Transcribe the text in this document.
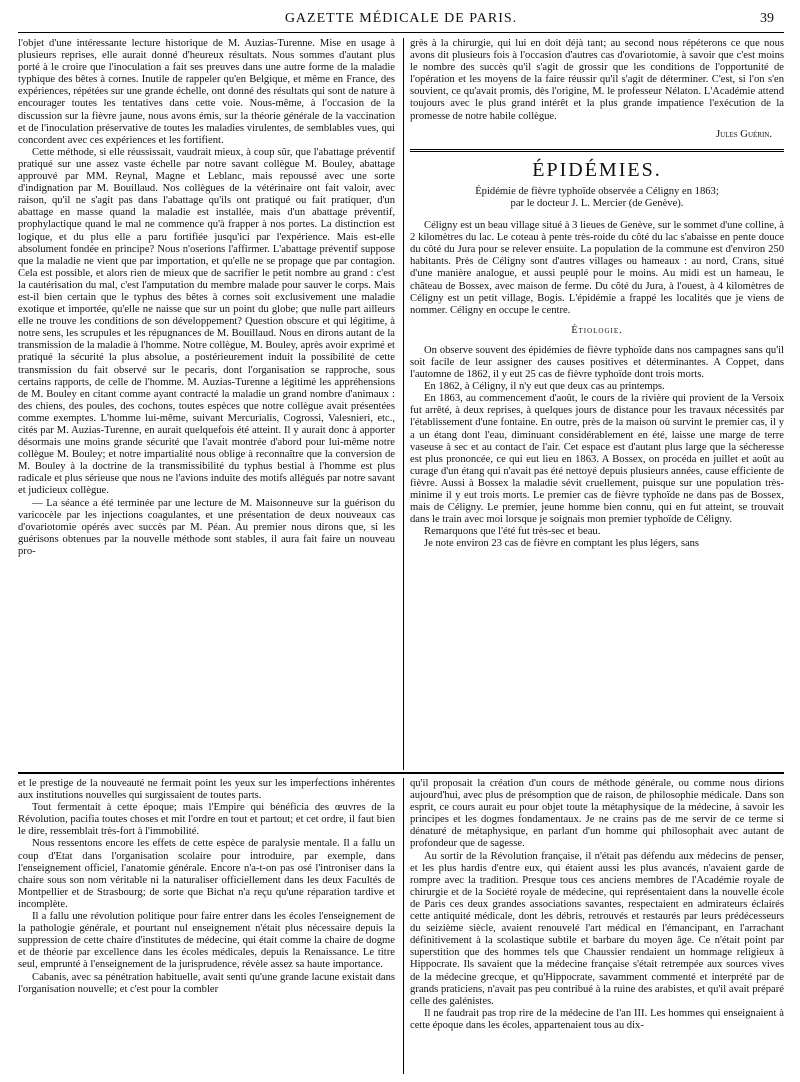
GAZETTE MÉDICALE DE PARIS.	39

l'objet d'une intéressante lecture historique de M. Auzias-Turenne. Mise en usage à plusieurs reprises, elle aurait donné d'heureux résultats. Nous sommes d'autant plus porté à le croire que l'inoculation a fait ses preuves dans une autre forme de la maladie typhique des bêtes à cornes. Inutile de rappeler qu'en Belgique, et même en France, des expériences, répétées sur une grande échelle, ont donné des résultats qui sont de nature à encourager toutes les tentatives dans cette voie. Nous-même, à l'occasion de la discussion sur la fièvre jaune, nous avons émis, sur la théorie générale de la vaccination et de l'inoculation préservative de toutes les maladies virulentes, de semblables vues, qui concordent avec ces expériences et les fortifient.

Cette méthode, si elle réussissait, vaudrait mieux, à coup sûr, que l'abattage préventif pratiqué sur une assez vaste échelle par notre savant collègue M. Bouley, abattage approuvé par MM. Reynal, Magne et Leblanc, mais repoussé avec une sorte d'indignation par M. Bouillaud. Nos collègues de la vétérinaire ont fait valoir, avec raison, qu'il ne s'agit pas dans l'abattage qu'ils ont pratiqué ou fait pratiquer, d'un abattage en masse quand la maladie est installée, mais d'un abattage préventif, prophylactique quand le mal ne commence qu'à frapper à nos portes. La distinction est logique, et du plus elle a paru fortifiée jusqu'ici par l'expérience. Mais est-elle absolument fondée en principe? Nous n'oserions l'affirmer. L'abattage préventif suppose que la maladie ne vient que par importation, et qu'elle ne se propage que par contagion. Cela est possible, et alors rien de mieux que de sacrifier le petit nombre au grand : c'est la cautérisation du mal, c'est l'amputation du membre malade pour sauver le corps. Mais est-il bien certain que le typhus des bêtes à cornes soit exclusivement une maladie exotique et importée, qu'elle ne naisse que sur un point du globe; que nulle part ailleurs elle ne trouve les conditions de son développement? Question obscure et qui légitime, à notre sens, les scrupules et les répugnances de M. Bouillaud. Nous en dirons autant de la transmission de la maladie à l'homme. Notre collègue, M. Bouley, après avoir exprimé et pratiqué la sécurité la plus absolue, a postérieurement induit la possibilité de cette transmission du fait observé sur le pecaris, dont l'organisation se rapproche, sous certains rapports, de celle de l'homme. M. Auzias-Turenne a légitimé les appréhensions de M. Bouley en citant comme ayant contracté la maladie un grand nombre d'animaux : des chiens, des poules, des cochons, toutes espèces que notre collègue avait présentées comme exemptes. L'homme lui-même, suivant Mercurialis, Cogrossi, Valesnieri, etc., cités par M. Auzias-Turenne, en aurait quelquefois été atteint. Il y aurait donc à apporter désormais une moins grande sécurité que l'avait montrée d'abord pour lui-même notre collègue M. Bouley; et notre impartialité nous oblige à reconnaître que la conversion de M. Bouley à la doctrine de la transmissibilité du typhus bestial à l'homme est plus radicale et plus sérieuse que nous ne l'avions induite des motifs allégués par notre savant et judicieux collègue.

— La séance a été terminée par une lecture de M. Maisonneuve sur la guérison du varicocèle par les injections coagulantes, et une présentation de deux nouveaux cas d'ovariotomie opérés avec succès par M. Péan. Au premier nous dirons que, si les guérisons obtenues par la nouvelle méthode sont stables, il aura fait faire un nouveau pro-

grès à la chirurgie, qui lui en doit déjà tant; au second nous répéterons ce que nous avons dit plusieurs fois à l'occasion d'autres cas d'ovariotomie, à savoir que c'est moins le nombre des succès qu'il s'agit de grossir que les conditions de l'opportunité de l'opération et les moyens de la faire réussir qu'il s'agit de déterminer. C'est, si l'on s'en souvient, ce qu'avait promis, dès l'origine, M. le professeur Nélaton. L'Académie attend toujours avec le plus grand intérêt et la plus grande impatience l'exécution de la promesse de notre habile collègue.

Jules Guérin.

ÉPIDÉMIES.

Épidémie de fièvre typhoïde observée a Céligny en 1863;
par le docteur J. L. Mercier (de Genève).

Céligny est un beau village situé à 3 lieues de Genève, sur le sommet d'une colline, à 2 kilomètres du lac. Le coteau à pente très-roide du côté du lac s'abaisse en pente douce du côté du Jura pour se relever ensuite. La population de la commune est d'environ 250 habitants. Près de Céligny sont d'autres villages ou hameaux : au nord, Crans, situé d'une manière analogue, et aussi peuplé pour le moins. Au midi est un hameau, le château de Bossex, avec maison de ferme. Du côté du Jura, à l'ouest, à 4 kilomètres de Céligny est un petit village, Bogis. L'épidémie a frappé les localités que je viens de nommer. Céligny en occupe le centre.

Étiologie.

On observe souvent des épidémies de fièvre typhoïde dans nos campagnes sans qu'il soit facile de leur assigner des causes positives et déterminantes. A Coppet, dans l'automne de 1862, il y eut 25 cas de fièvre typhoïde dont trois morts.

En 1862, à Céligny, il n'y eut que deux cas au printemps.

En 1863, au commencement d'août, le cours de la rivière qui provient de la Versoix fut arrêté, à deux reprises, à quelques jours de distance pour les travaux nécessités par l'établissement d'une fontaine. En outre, près de la maison où survint le premier cas, il y a un étang dont l'eau, diminuant considérablement en été, laisse une marge de terre vaseuse à sec et au contact de l'air. Cet espace est d'autant plus large que la sécheresse est plus prononcée, ce qui eut lieu en 1863. A Bossex, on procéda en juillet et août au curage d'un étang qui n'avait pas été nettoyé depuis plusieurs années, cause efficiente de fièvre. Aussi à Bossex la maladie sévit cruellement, puisque sur une population très-minime il y eut trois morts. Le premier cas de fièvre typhoïde ne dans pas de Bossex, mais de Céligny. Le premier, jeune homme bien connu, qui en fut atteint, se trouvait dans le train avec moi lorsque je soignais mon premier typhoïde de Céligny.

Remarquons que l'été fut très-sec et beau.

Je note environ 23 cas de fièvre en comptant les plus légers, sans

et le prestige de la nouveauté ne fermait point les yeux sur les imperfections inhérentes aux institutions nouvelles qui surgissaient de toutes parts.

Tout fermentait à cette époque; mais l'Empire qui bénéficia des œuvres de la Révolution, pacifia toutes choses et mit l'ordre en tout et partout; et cet ordre, il faut bien le dire, ressemblait très-fort à l'immobilité.

Nous ressentons encore les effets de cette espèce de paralysie mentale. Il a fallu un coup d'Etat dans l'organisation scolaire pour introduire, par exemple, dans l'enseignement officiel, l'anatomie générale. Encore n'a-t-on pas osé l'introniser dans la chaire sous son nom véritable ni la naturaliser officiellement dans les deux Facultés de Montpellier et de Strasbourg; de sorte que Bichat n'a reçu qu'une réparation tardive et incomplète.

Il a fallu une révolution politique pour faire entrer dans les écoles l'enseignement de la pathologie générale, et pourtant nul enseignement n'était plus nécessaire depuis la suppression de cette chaire d'institutes de médecine, qui était comme la chaire de dogme et de théorie par excellence dans les écoles médicales, depuis la Renaissance. Le titre seul, emprunté à l'enseignement de la jurisprudence, révèle assez sa haute importance.

Cabanis, avec sa pénétration habituelle, avait senti qu'une grande lacune existait dans l'organisation nouvelle; et c'est pour la combler

qu'il proposait la création d'un cours de méthode générale, ou comme nous dirions aujourd'hui, avec plus de présomption que de raison, de philosophie médicale. Dans son esprit, ce cours aurait eu pour objet toute la métaphysique de la médecine, à savoir les principes et les dogmes fondamentaux. Je ne crains pas de me servir de ce terme si dénaturé de métaphysique, en parlant d'un homme qui philosophait avec autant de profondeur que de sagesse.

Au sortir de la Révolution française, il n'était pas défendu aux médecins de penser, et les plus hardis d'entre eux, qui étaient aussi les plus avancés, n'avaient garde de rompre avec la tradition. Presque tous ces anciens membres de l'Académie royale de chirurgie et de la Société royale de médecine, qui représentaient dans la nouvelle école de Paris ces deux grandes associations savantes, respectaient en admirateurs éclairés cette antiquité médicale, dont les débris, retrouvés et restaurés par leurs prédécesseurs du seizième siècle, avaient renouvelé l'art médical en l'émancipant, en l'arrachant définitivement à la scolastique subtile et barbare du moyen âge. Ce n'était point par superstition que des hommes tels que Chaussier rendaient un hommage religieux à Hippocrate. Ils savaient que la médecine française s'était retrempée aux sources vives de la médecine grecque, et qu'Hippocrate, savamment commenté et interprété par de grands praticiens, n'avait pas peu contribué à la ruine des arabistes, et qu'il avait préparé celle des galénistes.

Il ne faudrait pas trop rire de la médecine de l'an III. Les hommes qui enseignaient à cette époque dans les écoles, appartenaient tous au dix-
